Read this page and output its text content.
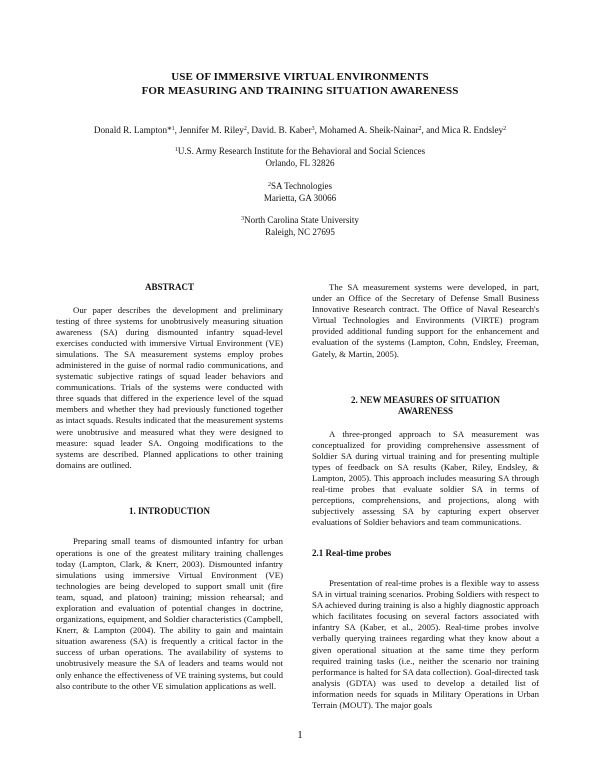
USE OF IMMERSIVE VIRTUAL ENVIRONMENTS
FOR MEASURING AND TRAINING SITUATION AWARENESS
Donald R. Lampton*$^1$, Jennifer M. Riley$^2$, David. B. Kaber$^3$, Mohamed A. Sheik-Nainar$^2$, and Mica R. Endsley$^2$
$^1$U.S. Army Research Institute for the Behavioral and Social Sciences
Orlando, FL 32826
$^2$SA Technologies
Marietta, GA 30066
$^3$North Carolina State University
Raleigh, NC 27695
ABSTRACT

Our paper describes the development and preliminary testing of three systems for unobtrusively measuring situation awareness (SA) during dismounted infantry squad-level exercises conducted with immersive Virtual Environment (VE) simulations. The SA measurement systems employ probes administered in the guise of normal radio communications, and systematic subjective ratings of squad leader behaviors and communications. Trials of the systems were conducted with three squads that differed in the experience level of the squad members and whether they had previously functioned together as intact squads. Results indicated that the measurement systems were unobtrusive and measured what they were designed to measure: squad leader SA. Ongoing modifications to the systems are described. Planned applications to other training domains are outlined.

1. INTRODUCTION

Preparing small teams of dismounted infantry for urban operations is one of the greatest military training challenges today (Lampton, Clark, & Knerr, 2003). Dismounted infantry simulations using immersive Virtual Environment (VE) technologies are being developed to support small unit (fire team, squad, and platoon) training; mission rehearsal; and exploration and evaluation of potential changes in doctrine, organizations, equipment, and Soldier characteristics (Campbell, Knerr, & Lampton (2004). The ability to gain and maintain situation awareness (SA) is frequently a critical factor in the success of urban operations. The availability of systems to unobtrusively measure the SA of leaders and teams would not only enhance the effectiveness of VE training systems, but could also contribute to the other VE simulation applications as well.

The SA measurement systems were developed, in part, under an Office of the Secretary of Defense Small Business Innovative Research contract. The Office of Naval Research's Virtual Technologies and Environments (VIRTE) program provided additional funding support for the enhancement and evaluation of the systems (Lampton, Cohn, Endsley, Freeman, Gately, & Martin, 2005).

2. NEW MEASURES OF SITUATION
AWARENESS

A three-pronged approach to SA measurement was conceptualized for providing comprehensive assessment of Soldier SA during virtual training and for presenting multiple types of feedback on SA results (Kaber, Riley, Endsley, & Lampton, 2005). This approach includes measuring SA through real-time probes that evaluate soldier SA in terms of perceptions, comprehensions, and projections, along with subjectively assessing SA by capturing expert observer evaluations of Soldier behaviors and team communications.

2.1 Real-time probes

Presentation of real-time probes is a flexible way to assess SA in virtual training scenarios. Probing Soldiers with respect to SA achieved during training is also a highly diagnostic approach which facilitates focusing on several factors associated with infantry SA (Kaber, et al., 2005). Real-time probes involve verbally querying trainees regarding what they know about a given operational situation at the same time they perform required training tasks (i.e., neither the scenario nor training performance is halted for SA data collection). Goal-directed task analysis (GDTA) was used to develop a detailed list of information needs for squads in Military Operations in Urban Terrain (MOUT). The major goals

1
